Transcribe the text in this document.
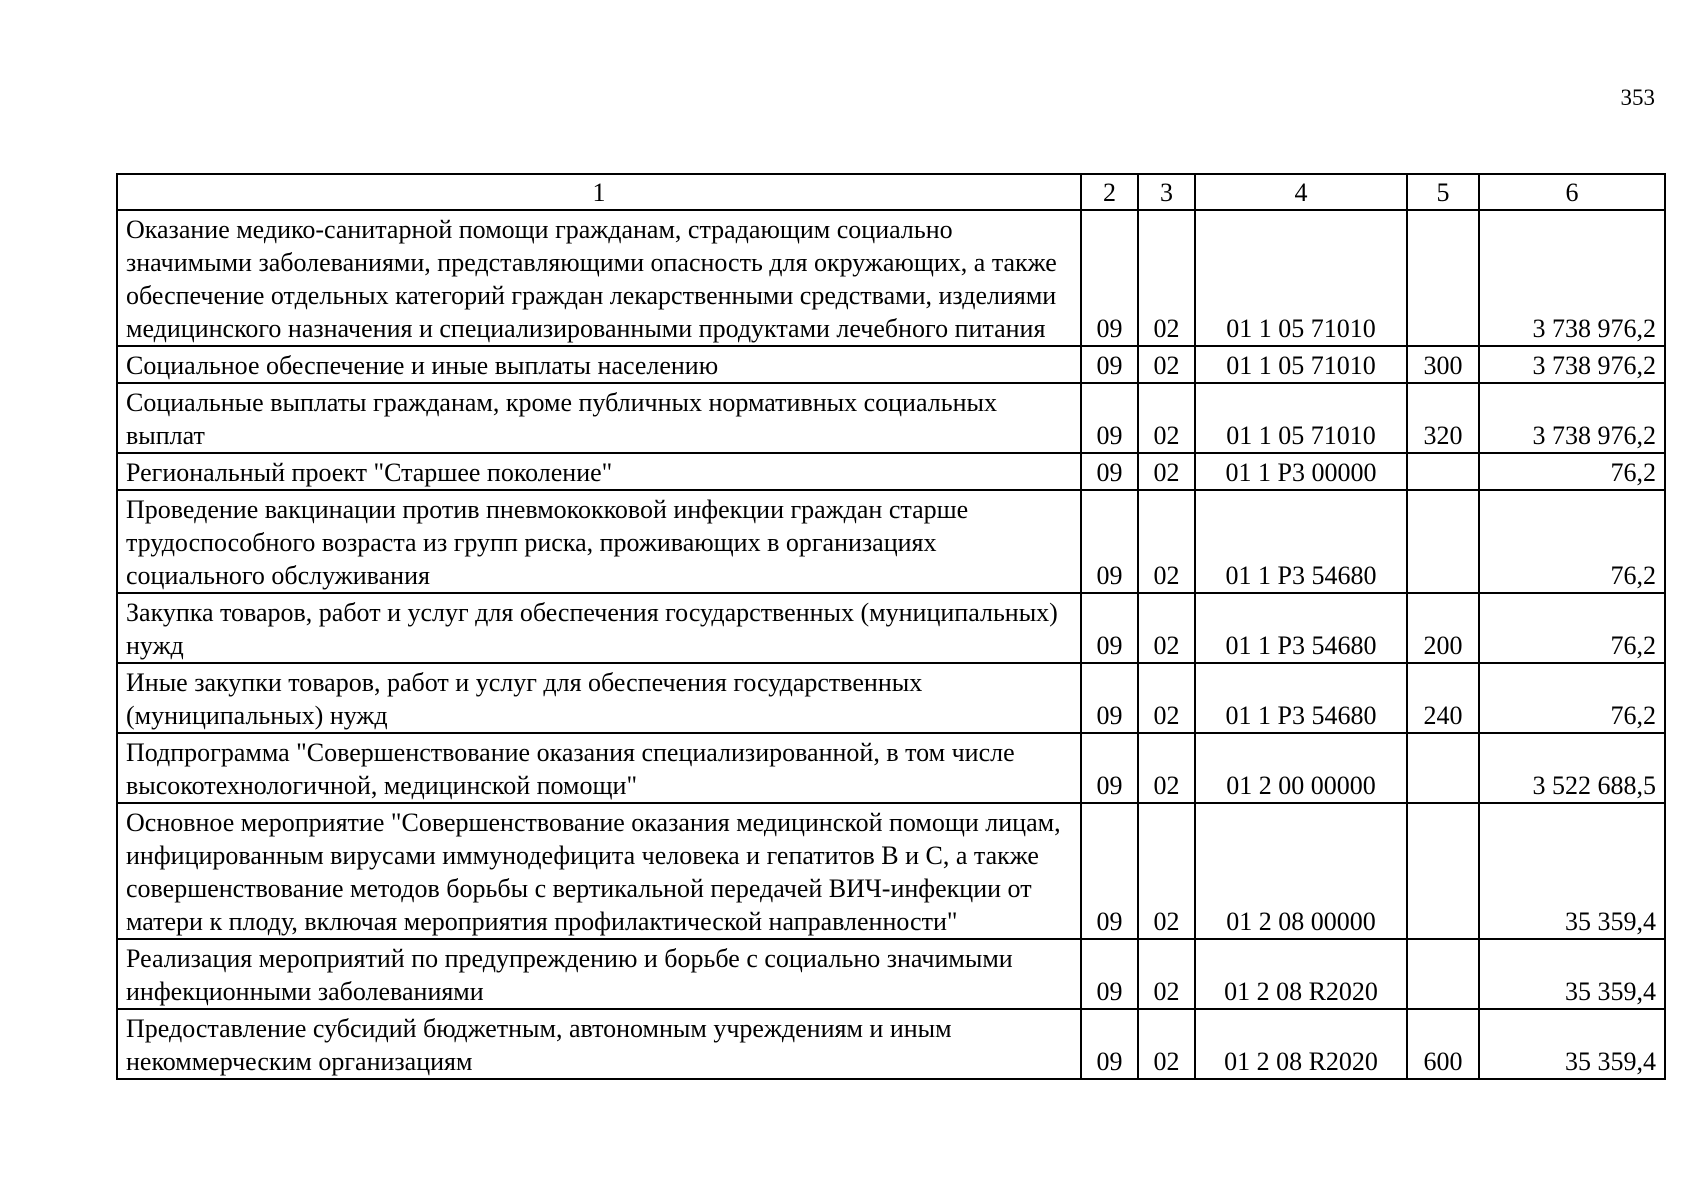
353
1	2	3	4	5	6
Оказание медико-санитарной помощи гражданам, страдающим социально значимыми заболеваниями, представляющими опасность для окружающих, а также обеспечение отдельных категорий граждан лекарственными средствами, изделиями медицинского назначения и специализированными продуктами лечебного питания	09	02	01 1 05 71010		3 738 976,2
Социальное обеспечение и иные выплаты населению	09	02	01 1 05 71010	300	3 738 976,2
Социальные выплаты гражданам, кроме публичных нормативных социальных выплат	09	02	01 1 05 71010	320	3 738 976,2
Региональный проект "Старшее поколение"	09	02	01 1 Р3 00000		76,2
Проведение вакцинации против пневмококковой инфекции граждан старше трудоспособного возраста из групп риска, проживающих в организациях социального обслуживания	09	02	01 1 Р3 54680		76,2
Закупка товаров, работ и услуг для обеспечения государственных (муниципальных) нужд	09	02	01 1 Р3 54680	200	76,2
Иные закупки товаров, работ и услуг для обеспечения государственных (муниципальных) нужд	09	02	01 1 Р3 54680	240	76,2
Подпрограмма "Совершенствование оказания специализированной, в том числе высокотехнологичной, медицинской помощи"	09	02	01 2 00 00000		3 522 688,5
Основное мероприятие "Совершенствование оказания медицинской помощи лицам, инфицированным вирусами иммунодефицита человека и гепатитов В и С, а также совершенствование методов борьбы с вертикальной передачей ВИЧ-инфекции от матери к плоду, включая мероприятия профилактической направленности"	09	02	01 2 08 00000		35 359,4
Реализация мероприятий по предупреждению и борьбе с социально значимыми инфекционными заболеваниями	09	02	01 2 08 R2020		35 359,4
Предоставление субсидий бюджетным, автономным учреждениям и иным некоммерческим организациям	09	02	01 2 08 R2020	600	35 359,4
